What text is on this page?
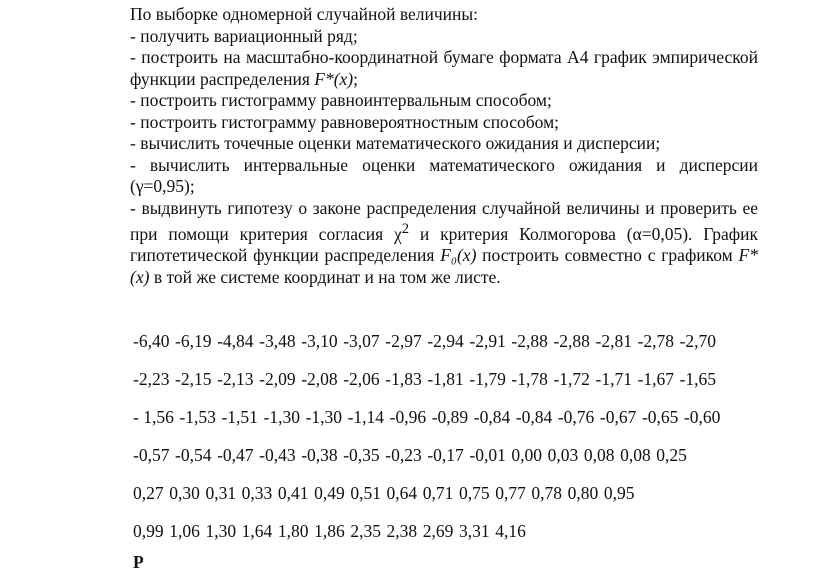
По выборке одномерной случайной величины:

- получить вариационный ряд;

- построить на масштабно-координатной бумаге формата А4 график эмпирической функции распределения F*(x);

- построить гистограмму равноинтервальным способом;

- построить гистограмму равновероятностным способом;

- вычислить точечные оценки математического ожидания и дисперсии;

- вычислить интервальные оценки математического ожидания и дисперсии (γ=0,95);

- выдвинуть гипотезу о законе распределения случайной величины и проверить ее при помощи критерия согласия $\chi^2$ и критерия Колмогорова (α=0,05). График гипотетической функции распределения F₀(x) построить совместно с графиком F*(x) в той же системе координат и на том же листе.

-6,40 -6,19 -4,84 -3,48 -3,10 -3,07 -2,97 -2,94 -2,91 -2,88 -2,88 -2,81 -2,78 -2,70
-2,23 -2,15 -2,13 -2,09 -2,08 -2,06 -1,83 -1,81 -1,79 -1,78 -1,72 -1,71 -1,67 -1,65
- 1,56 -1,53 -1,51 -1,30 -1,30 -1,14 -0,96 -0,89 -0,84 -0,84 -0,76 -0,67 -0,65 -0,60
-0,57 -0,54 -0,47 -0,43 -0,38 -0,35 -0,23 -0,17 -0,01 0,00 0,03 0,08 0,08 0,25
0,27 0,30 0,31 0,33 0,41 0,49 0,51 0,64 0,71 0,75 0,77 0,78 0,80 0,95
0,99 1,06 1,30 1,64 1,80 1,86 2,35 2,38 2,69 3,31 4,16
Р
